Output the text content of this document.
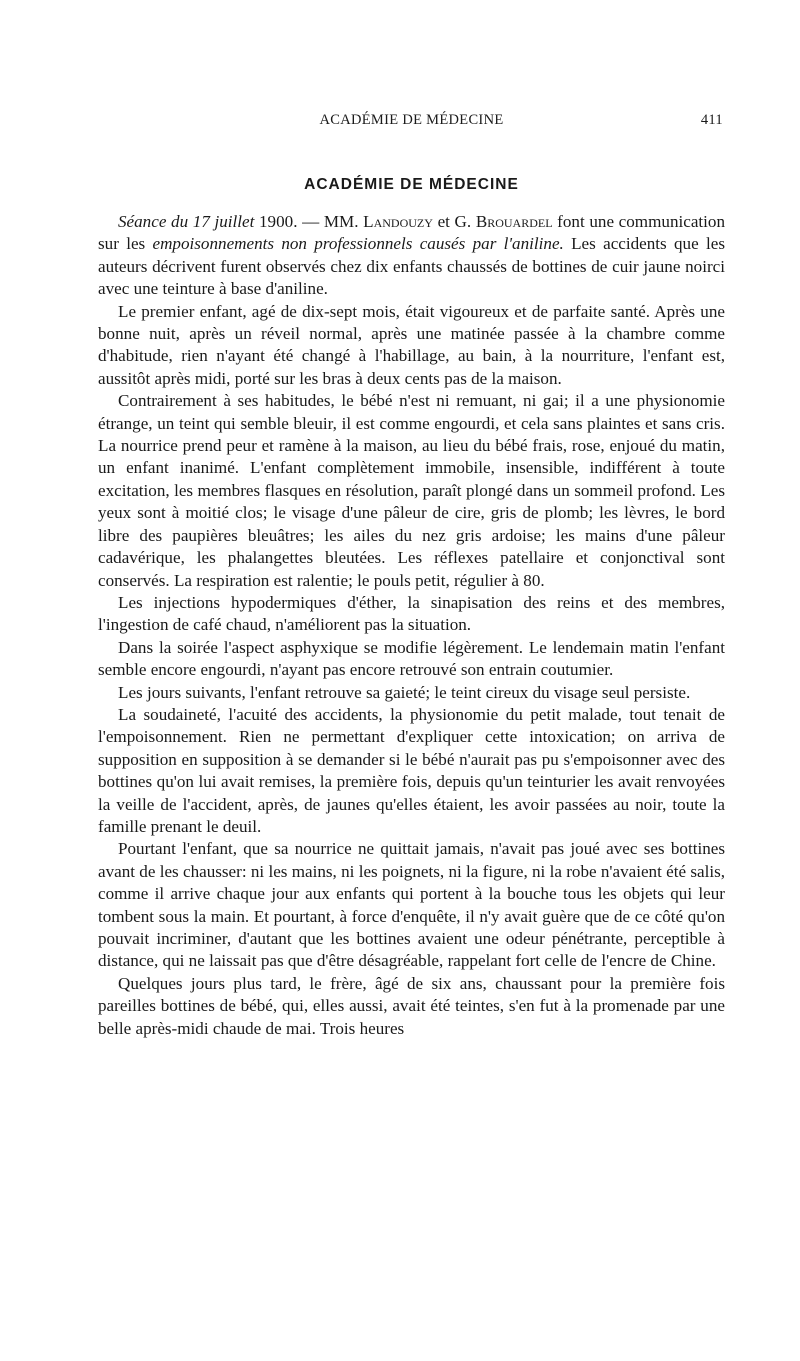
ACADÉMIE DE MÉDECINE	411
ACADÉMIE DE MÉDECINE

Séance du 17 juillet 1900. — MM. Landouzy et G. Brouardel font une communication sur les empoisonnements non professionnels causés par l'aniline. Les accidents que les auteurs décrivent furent observés chez dix enfants chaussés de bottines de cuir jaune noirci avec une teinture à base d'aniline.

Le premier enfant, agé de dix-sept mois, était vigoureux et de parfaite santé. Après une bonne nuit, après un réveil normal, après une matinée passée à la chambre comme d'habitude, rien n'ayant été changé à l'habillage, au bain, à la nourriture, l'enfant est, aussitôt après midi, porté sur les bras à deux cents pas de la maison.

Contrairement à ses habitudes, le bébé n'est ni remuant, ni gai; il a une physionomie étrange, un teint qui semble bleuir, il est comme engourdi, et cela sans plaintes et sans cris. La nourrice prend peur et ramène à la maison, au lieu du bébé frais, rose, enjoué du matin, un enfant inanimé. L'enfant complètement immobile, insensible, indifférent à toute excitation, les membres flasques en résolution, paraît plongé dans un sommeil profond. Les yeux sont à moitié clos; le visage d'une pâleur de cire, gris de plomb; les lèvres, le bord libre des paupières bleuâtres; les ailes du nez gris ardoise; les mains d'une pâleur cadavérique, les phalangettes bleutées. Les réflexes patellaire et conjonctival sont conservés. La respiration est ralentie; le pouls petit, régulier à 80.

Les injections hypodermiques d'éther, la sinapisation des reins et des membres, l'ingestion de café chaud, n'améliorent pas la situation.

Dans la soirée l'aspect asphyxique se modifie légèrement. Le lendemain matin l'enfant semble encore engourdi, n'ayant pas encore retrouvé son entrain coutumier.

Les jours suivants, l'enfant retrouve sa gaieté; le teint cireux du visage seul persiste.

La soudaineté, l'acuité des accidents, la physionomie du petit malade, tout tenait de l'empoisonnement. Rien ne permettant d'expliquer cette intoxication; on arriva de supposition en supposition à se demander si le bébé n'aurait pas pu s'empoisonner avec des bottines qu'on lui avait remises, la première fois, depuis qu'un teinturier les avait renvoyées la veille de l'accident, après, de jaunes qu'elles étaient, les avoir passées au noir, toute la famille prenant le deuil.

Pourtant l'enfant, que sa nourrice ne quittait jamais, n'avait pas joué avec ses bottines avant de les chausser: ni les mains, ni les poignets, ni la figure, ni la robe n'avaient été salis, comme il arrive chaque jour aux enfants qui portent à la bouche tous les objets qui leur tombent sous la main. Et pourtant, à force d'enquête, il n'y avait guère que de ce côté qu'on pouvait incriminer, d'autant que les bottines avaient une odeur pénétrante, perceptible à distance, qui ne laissait pas que d'être désagréable, rappelant fort celle de l'encre de Chine.

Quelques jours plus tard, le frère, âgé de six ans, chaussant pour la première fois pareilles bottines de bébé, qui, elles aussi, avait été teintes, s'en fut à la promenade par une belle après-midi chaude de mai. Trois heures
